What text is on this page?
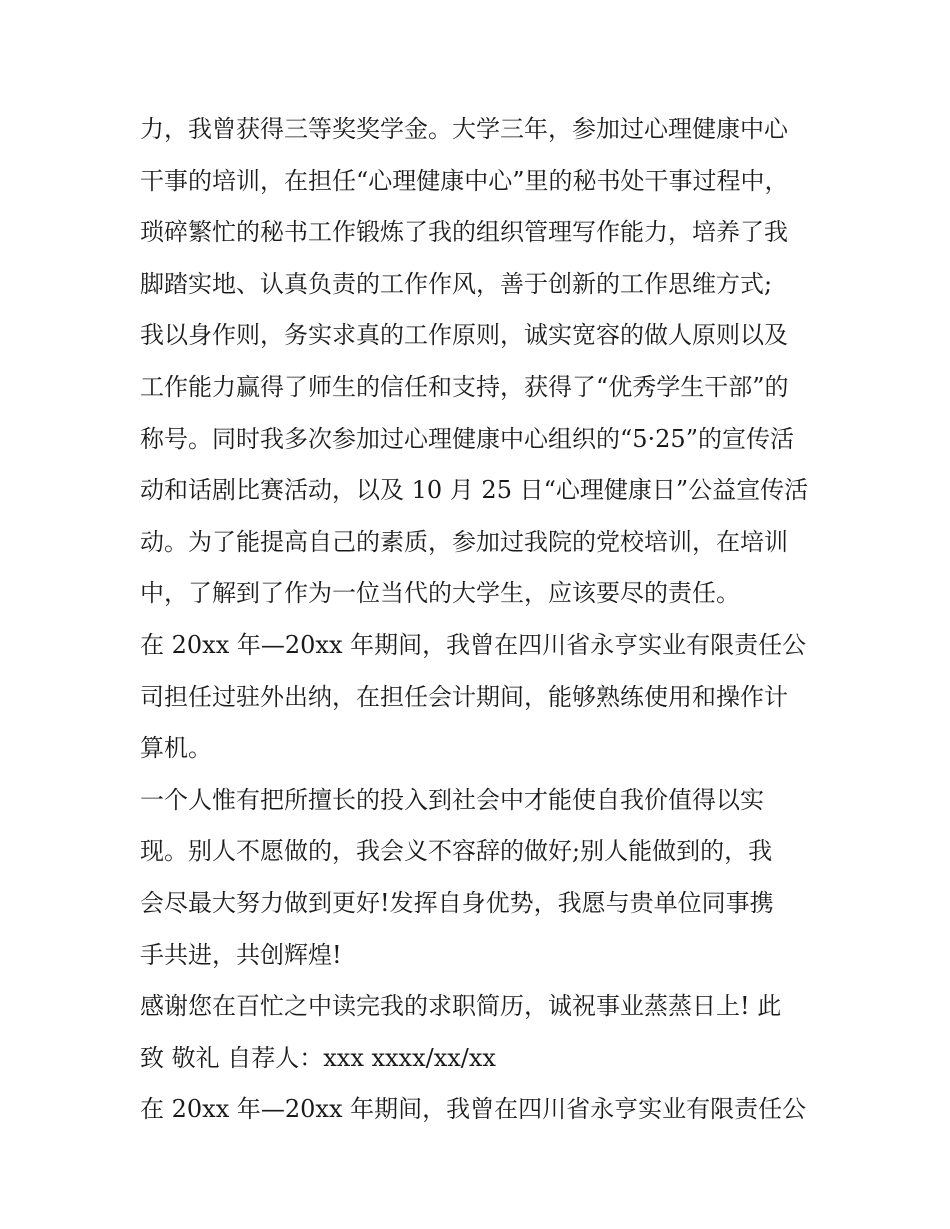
力，我曾获得三等奖奖学金。大学三年，参加过心理健康中心
干事的培训，在担任“心理健康中心”里的秘书处干事过程中，
琐碎繁忙的秘书工作锻炼了我的组织管理写作能力，培养了我
脚踏实地、认真负责的工作作风，善于创新的工作思维方式;
我以身作则，务实求真的工作原则，诚实宽容的做人原则以及
工作能力赢得了师生的信任和支持，获得了“优秀学生干部”的
称号。同时我多次参加过心理健康中心组织的“5·25”的宣传活
动和话剧比赛活动，以及 10 月 25 日“心理健康日”公益宣传活
动。为了能提高自己的素质，参加过我院的党校培训，在培训
中，了解到了作为一位当代的大学生，应该要尽的责任。

在 20xx 年—20xx 年期间，我曾在四川省永亨实业有限责任公
司担任过驻外出纳，在担任会计期间，能够熟练使用和操作计
算机。

一个人惟有把所擅长的投入到社会中才能使自我价值得以实
现。别人不愿做的，我会义不容辞的做好;别人能做到的，我
会尽最大努力做到更好!发挥自身优势，我愿与贵单位同事携
手共进，共创辉煌!

感谢您在百忙之中读完我的求职简历，诚祝事业蒸蒸日上! 此
致 敬礼 自荐人：xxx xxxx/xx/xx

在 20xx 年—20xx 年期间，我曾在四川省永亨实业有限责任公
